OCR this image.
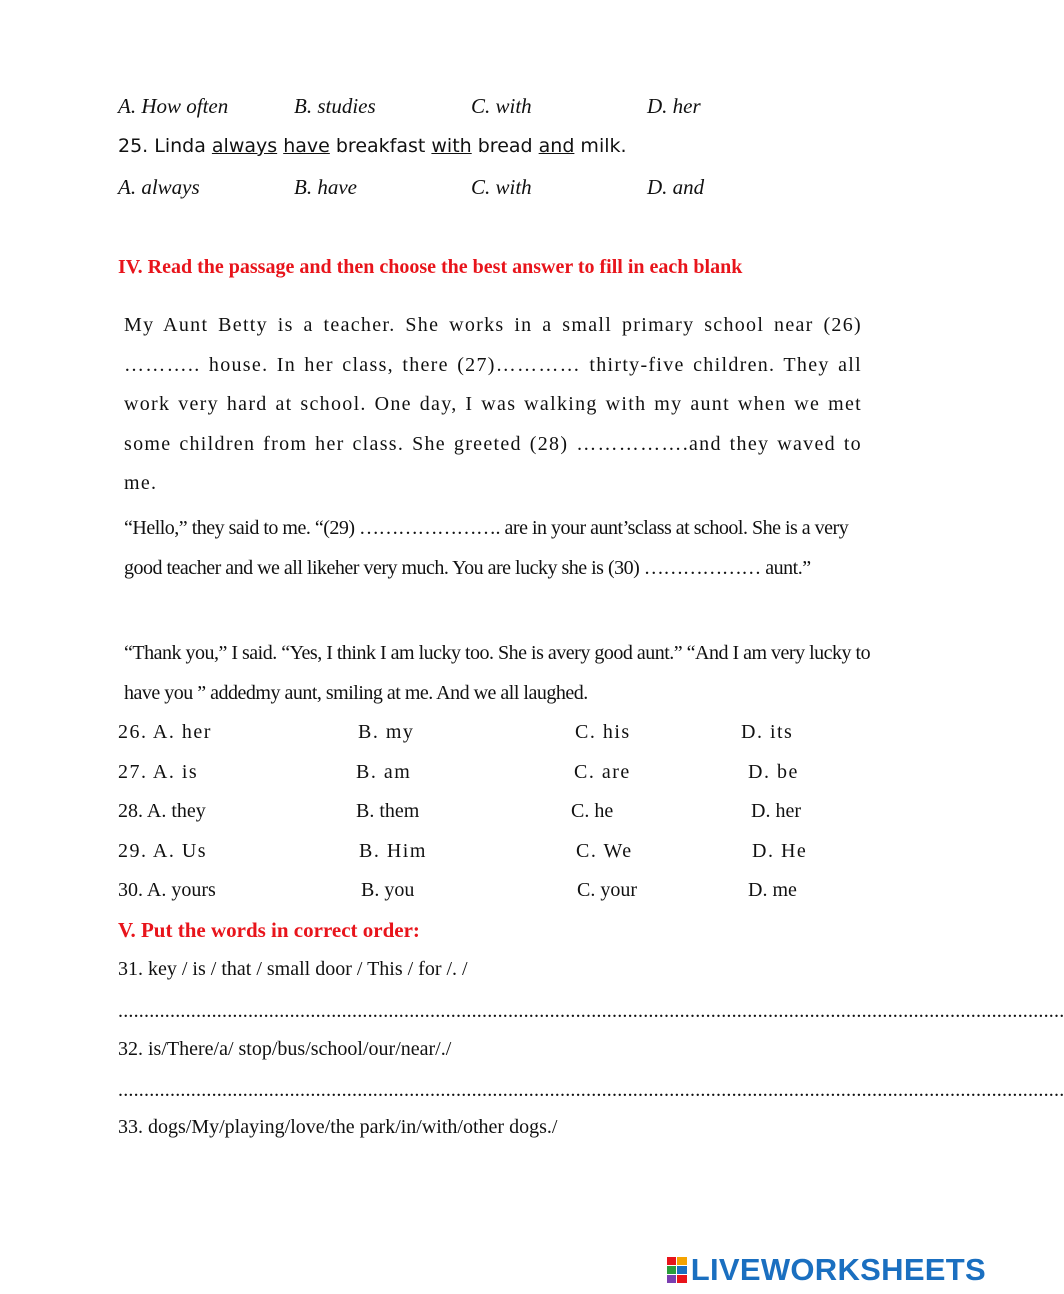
A. How often	B. studies	C. with	D. her
25. Linda always have breakfast with bread and milk.
A. always	B. have	C. with	D. and
IV. Read the passage and then choose the best answer to fill in each blank
My Aunt Betty is a teacher. She works in a small primary school near (26) ……….. house. In her class, there (27)………… thirty-five children. They all work very hard at school. One day, I was walking with my aunt when we met some children from her class. She greeted (28) …………….and they waved to me.
“Hello,” they said to me. “(29) …………………. are in your aunt’sclass at school. She is a very good teacher and we all likeher very much. You are lucky she is (30) ……………… aunt.”
“Thank you,” I said. “Yes, I think I am lucky too. She is avery good aunt.” “And I am very lucky to have you ” addedmy aunt, smiling at me. And we all laughed.
26. A. her	B. my	C. his	D. its
27. A. is	B. am	C. are	D. be
28. A. they	B. them	C. he	D. her
29. A. Us	B. Him	C. We	D. He
30. A. yours	B. you	C. your	D. me
V. Put the words in correct order:
31. key / is / that / small door / This / for /. /
......................................................................................................................................................................................
32. is/There/a/ stop/bus/school/our/near/./
......................................................................................................................................................................................
33. dogs/My/playing/love/the park/in/with/other dogs./
LIVEWORKSHEETS
